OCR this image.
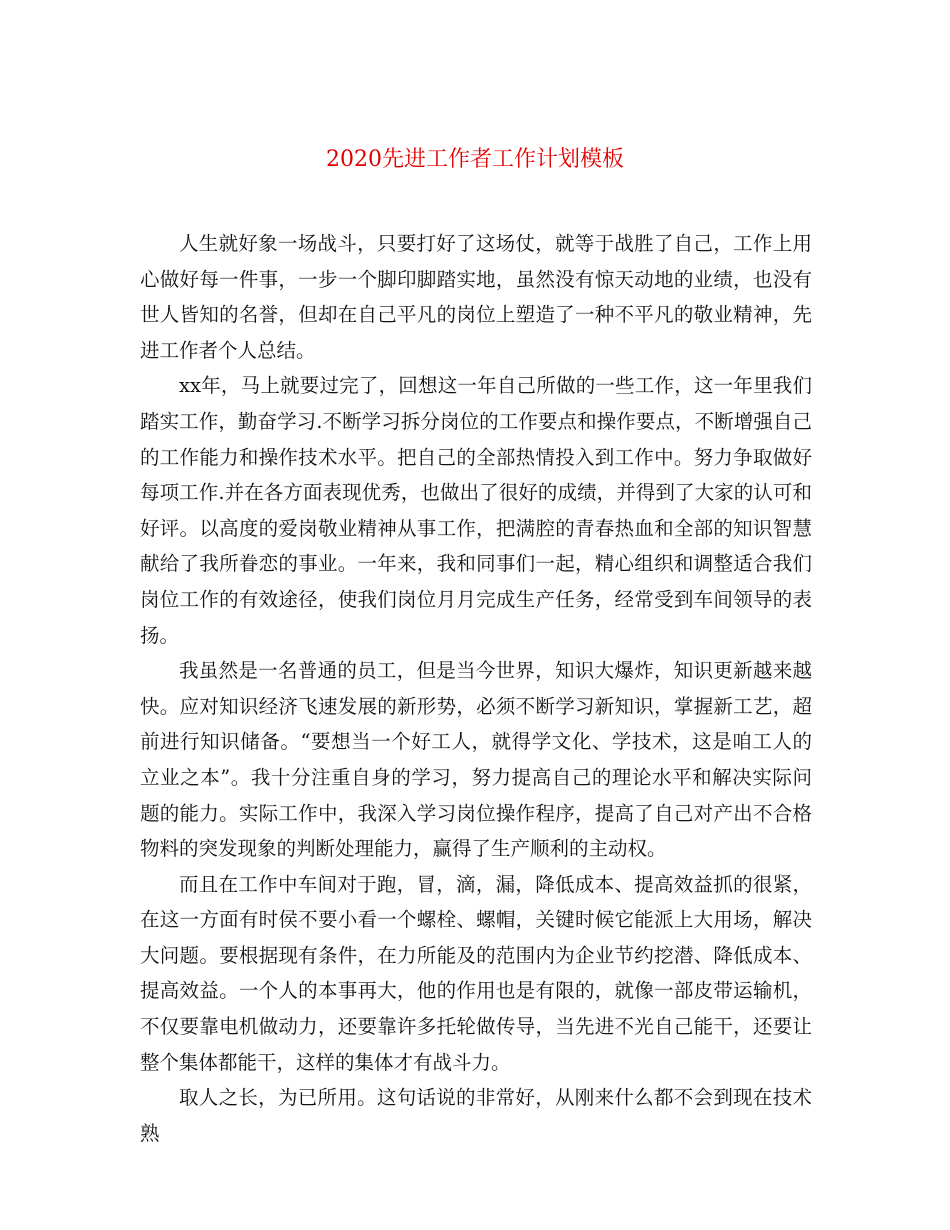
2020先进工作者工作计划模板

人生就好象一场战斗，只要打好了这场仗，就等于战胜了自己，工作上用心做好每一件事，一步一个脚印脚踏实地，虽然没有惊天动地的业绩，也没有世人皆知的名誉，但却在自己平凡的岗位上塑造了一种不平凡的敬业精神，先进工作者个人总结。

xx年，马上就要过完了，回想这一年自己所做的一些工作，这一年里我们踏实工作，勤奋学习.不断学习拆分岗位的工作要点和操作要点，不断增强自己的工作能力和操作技术水平。把自己的全部热情投入到工作中。努力争取做好每项工作.并在各方面表现优秀，也做出了很好的成绩，并得到了大家的认可和好评。以高度的爱岗敬业精神从事工作，把满腔的青春热血和全部的知识智慧献给了我所眷恋的事业。一年来，我和同事们一起，精心组织和调整适合我们岗位工作的有效途径，使我们岗位月月完成生产任务，经常受到车间领导的表扬。

我虽然是一名普通的员工，但是当今世界，知识大爆炸，知识更新越来越快。应对知识经济飞速发展的新形势，必须不断学习新知识，掌握新工艺，超前进行知识储备。“要想当一个好工人，就得学文化、学技术，这是咱工人的立业之本”。我十分注重自身的学习，努力提高自己的理论水平和解决实际问题的能力。实际工作中，我深入学习岗位操作程序，提高了自己对产出不合格物料的突发现象的判断处理能力，赢得了生产顺利的主动权。

而且在工作中车间对于跑，冒，滴，漏，降低成本、提高效益抓的很紧，在这一方面有时侯不要小看一个螺栓、螺帽，关键时候它能派上大用场，解决大问题。要根据现有条件，在力所能及的范围内为企业节约挖潜、降低成本、提高效益。一个人的本事再大，他的作用也是有限的，就像一部皮带运输机，不仅要靠电机做动力，还要靠许多托轮做传导，当先进不光自己能干，还要让整个集体都能干，这样的集体才有战斗力。

取人之长，为已所用。这句话说的非常好，从刚来什么都不会到现在技术熟
